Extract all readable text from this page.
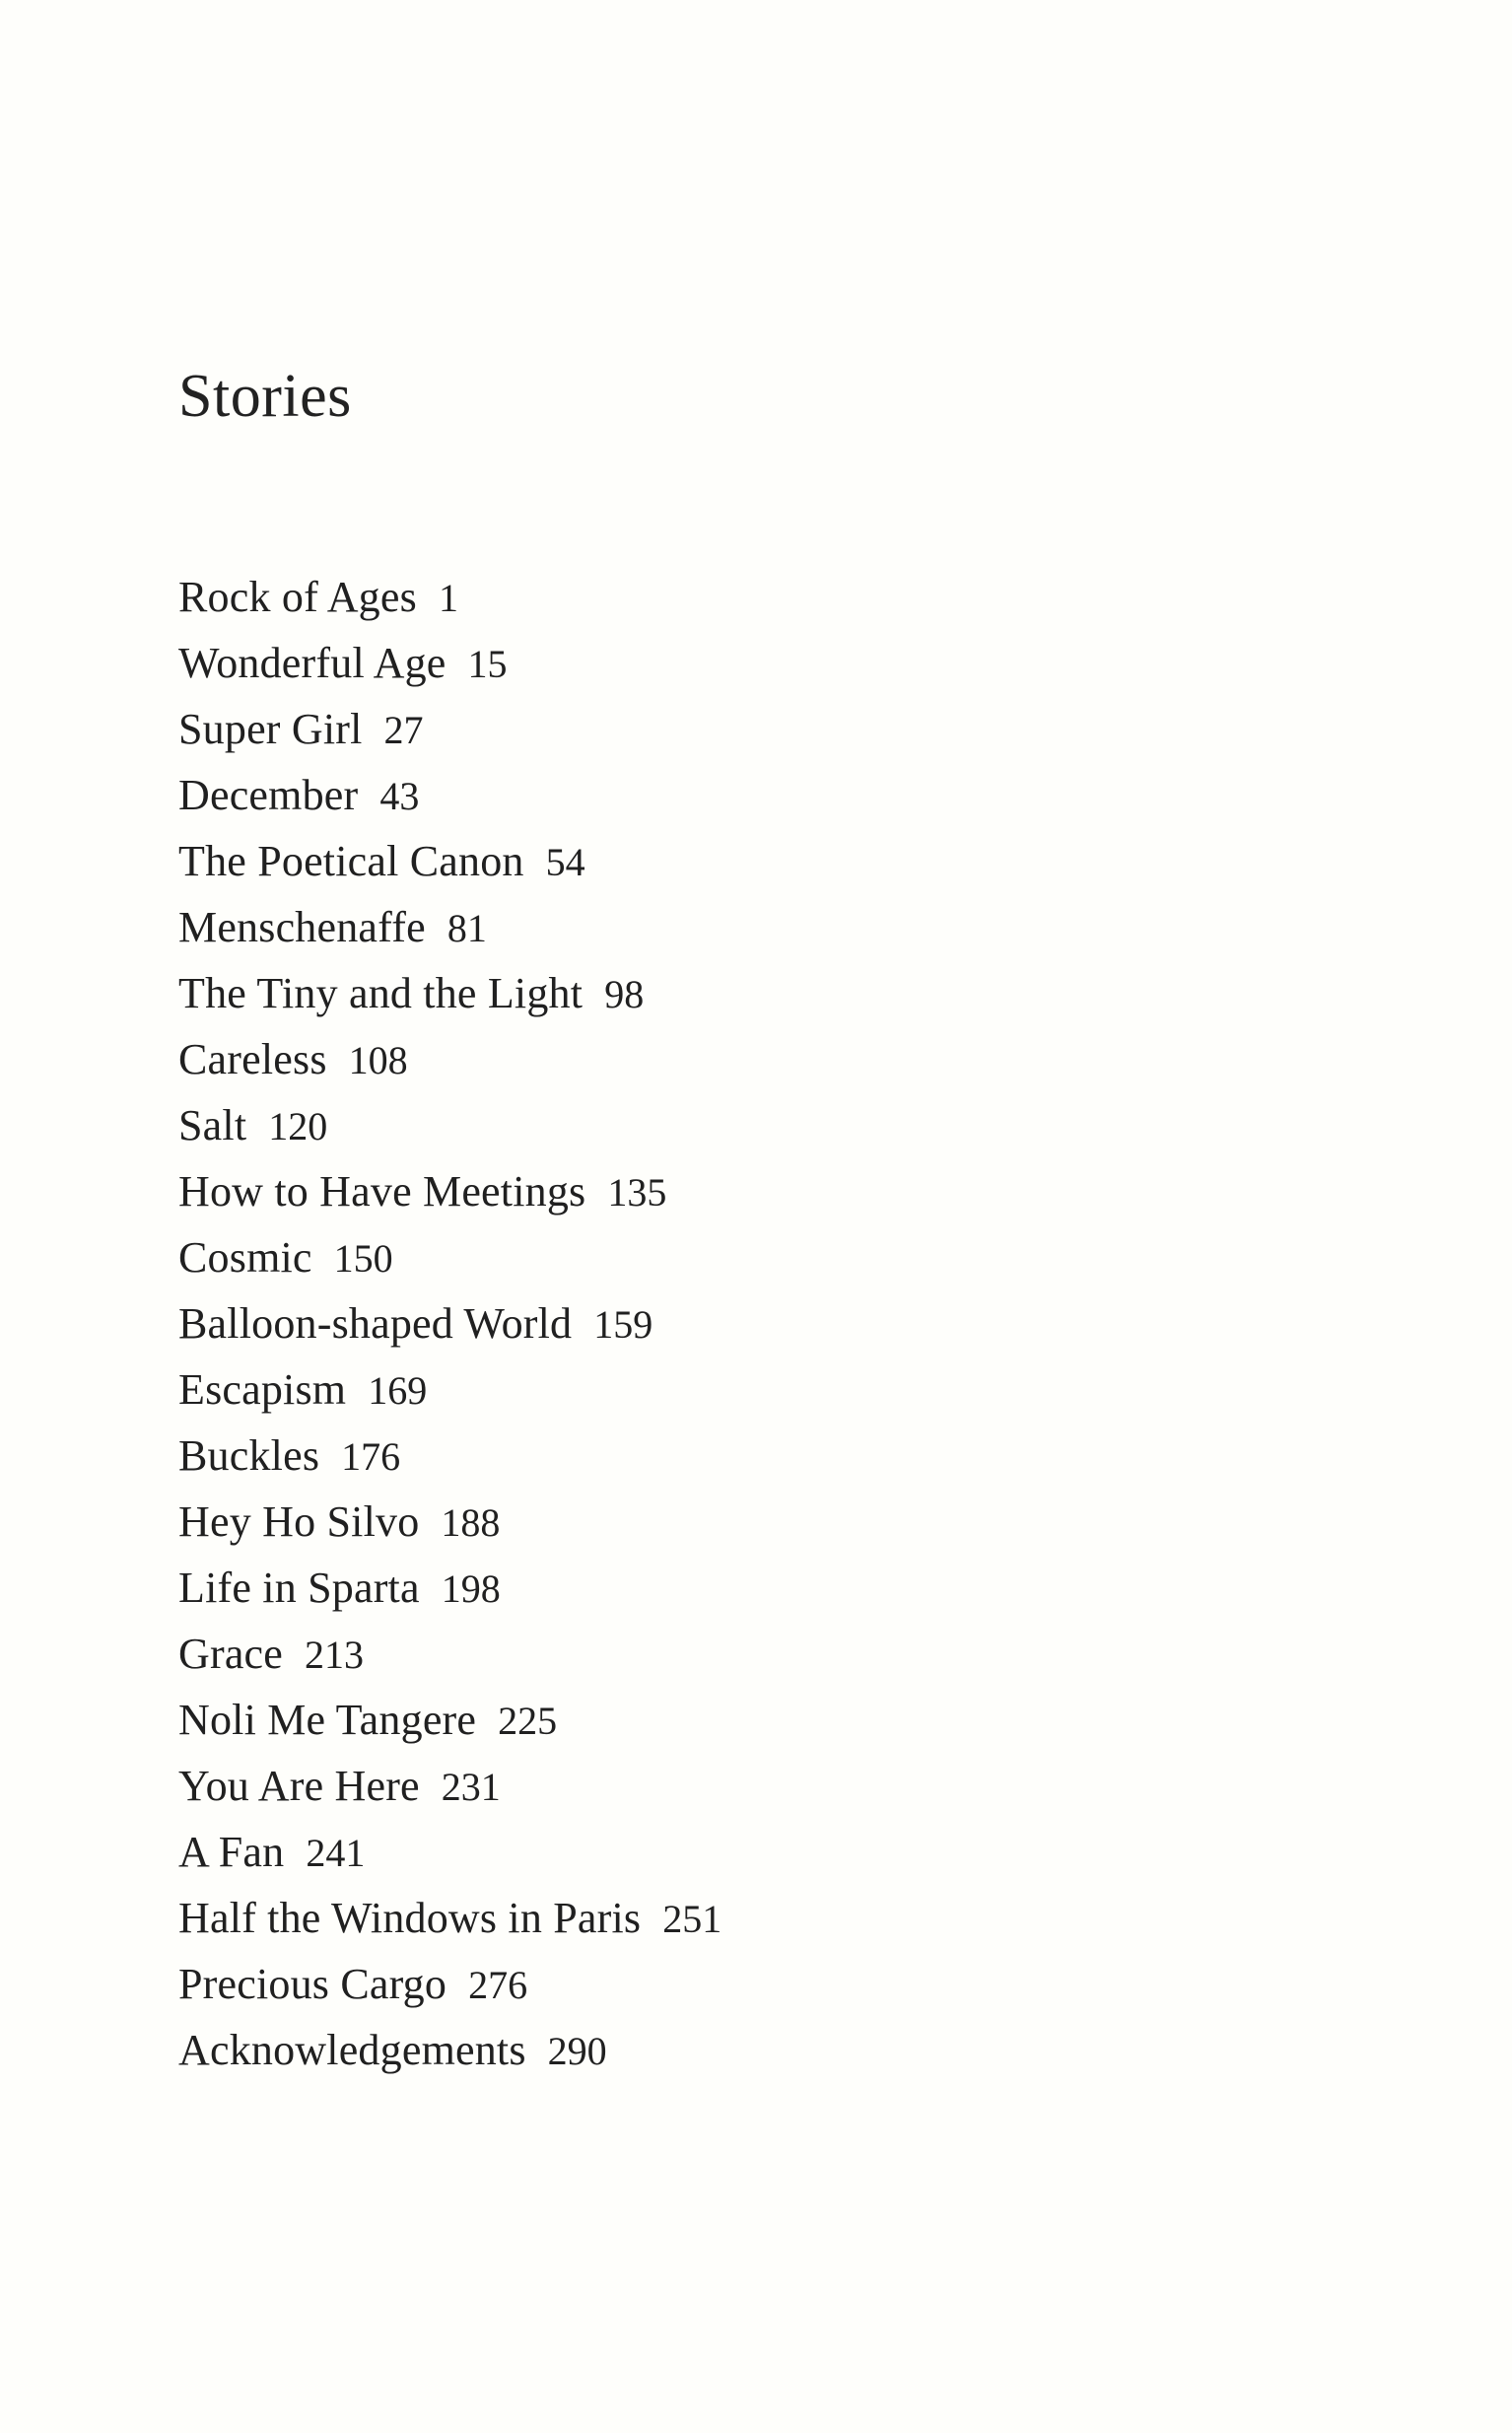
Stories
Rock of Ages 1
Wonderful Age 15
Super Girl 27
December 43
The Poetical Canon 54
Menschenaffe 81
The Tiny and the Light 98
Careless 108
Salt 120
How to Have Meetings 135
Cosmic 150
Balloon-shaped World 159
Escapism 169
Buckles 176
Hey Ho Silvo 188
Life in Sparta 198
Grace 213
Noli Me Tangere 225
You Are Here 231
A Fan 241
Half the Windows in Paris 251
Precious Cargo 276
Acknowledgements 290
